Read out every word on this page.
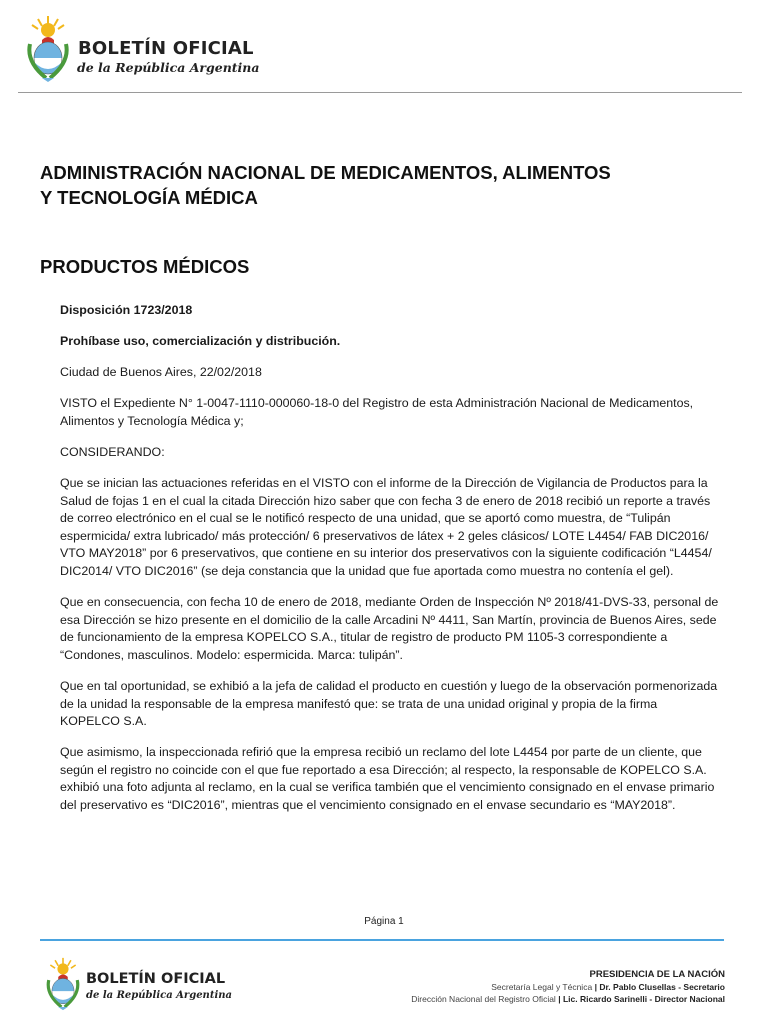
BOLETÍN OFICIAL
de la República Argentina
ADMINISTRACIÓN NACIONAL DE MEDICAMENTOS, ALIMENTOS
Y TECNOLOGÍA MÉDICA
PRODUCTOS MÉDICOS

Disposición 1723/2018

Prohíbase uso, comercialización y distribución.

Ciudad de Buenos Aires, 22/02/2018

VISTO el Expediente N° 1-0047-1110-000060-18-0 del Registro de esta Administración Nacional de Medicamentos, Alimentos y Tecnología Médica y;

CONSIDERANDO:

Que se inician las actuaciones referidas en el VISTO con el informe de la Dirección de Vigilancia de Productos para la Salud de fojas 1 en el cual la citada Dirección hizo saber que con fecha 3 de enero de 2018 recibió un reporte a través de correo electrónico en el cual se le notificó respecto de una unidad, que se aportó como muestra, de “Tulipán espermicida/ extra lubricado/ más protección/ 6 preservativos de látex + 2 geles clásicos/ LOTE L4454/ FAB DIC2016/ VTO MAY2018” por 6 preservativos, que contiene en su interior dos preservativos con la siguiente codificación “L4454/ DIC2014/ VTO DIC2016” (se deja constancia que la unidad que fue aportada como muestra no contenía el gel).

Que en consecuencia, con fecha 10 de enero de 2018, mediante Orden de Inspección Nº 2018/41-DVS-33, personal de esa Dirección se hizo presente en el domicilio de la calle Arcadini Nº 4411, San Martín, provincia de Buenos Aires, sede de funcionamiento de la empresa KOPELCO S.A., titular de registro de producto PM 1105-3 correspondiente a “Condones, masculinos. Modelo: espermicida. Marca: tulipán”.

Que en tal oportunidad, se exhibió a la jefa de calidad el producto en cuestión y luego de la observación pormenorizada de la unidad la responsable de la empresa manifestó que: se trata de una unidad original y propia de la firma KOPELCO S.A.

Que asimismo, la inspeccionada refirió que la empresa recibió un reclamo del lote L4454 por parte de un cliente, que según el registro no coincide con el que fue reportado a esa Dirección; al respecto, la responsable de KOPELCO S.A. exhibió una foto adjunta al reclamo, en la cual se verifica también que el vencimiento consignado en el envase primario del preservativo es “DIC2016”, mientras que el vencimiento consignado en el envase secundario es “MAY2018”.

Página 1
BOLETÍN OFICIAL
de la República Argentina
PRESIDENCIA DE LA NACIÓN
Secretaría Legal y Técnica | Dr. Pablo Clusellas - Secretario
Dirección Nacional del Registro Oficial | Lic. Ricardo Sarinelli - Director Nacional
